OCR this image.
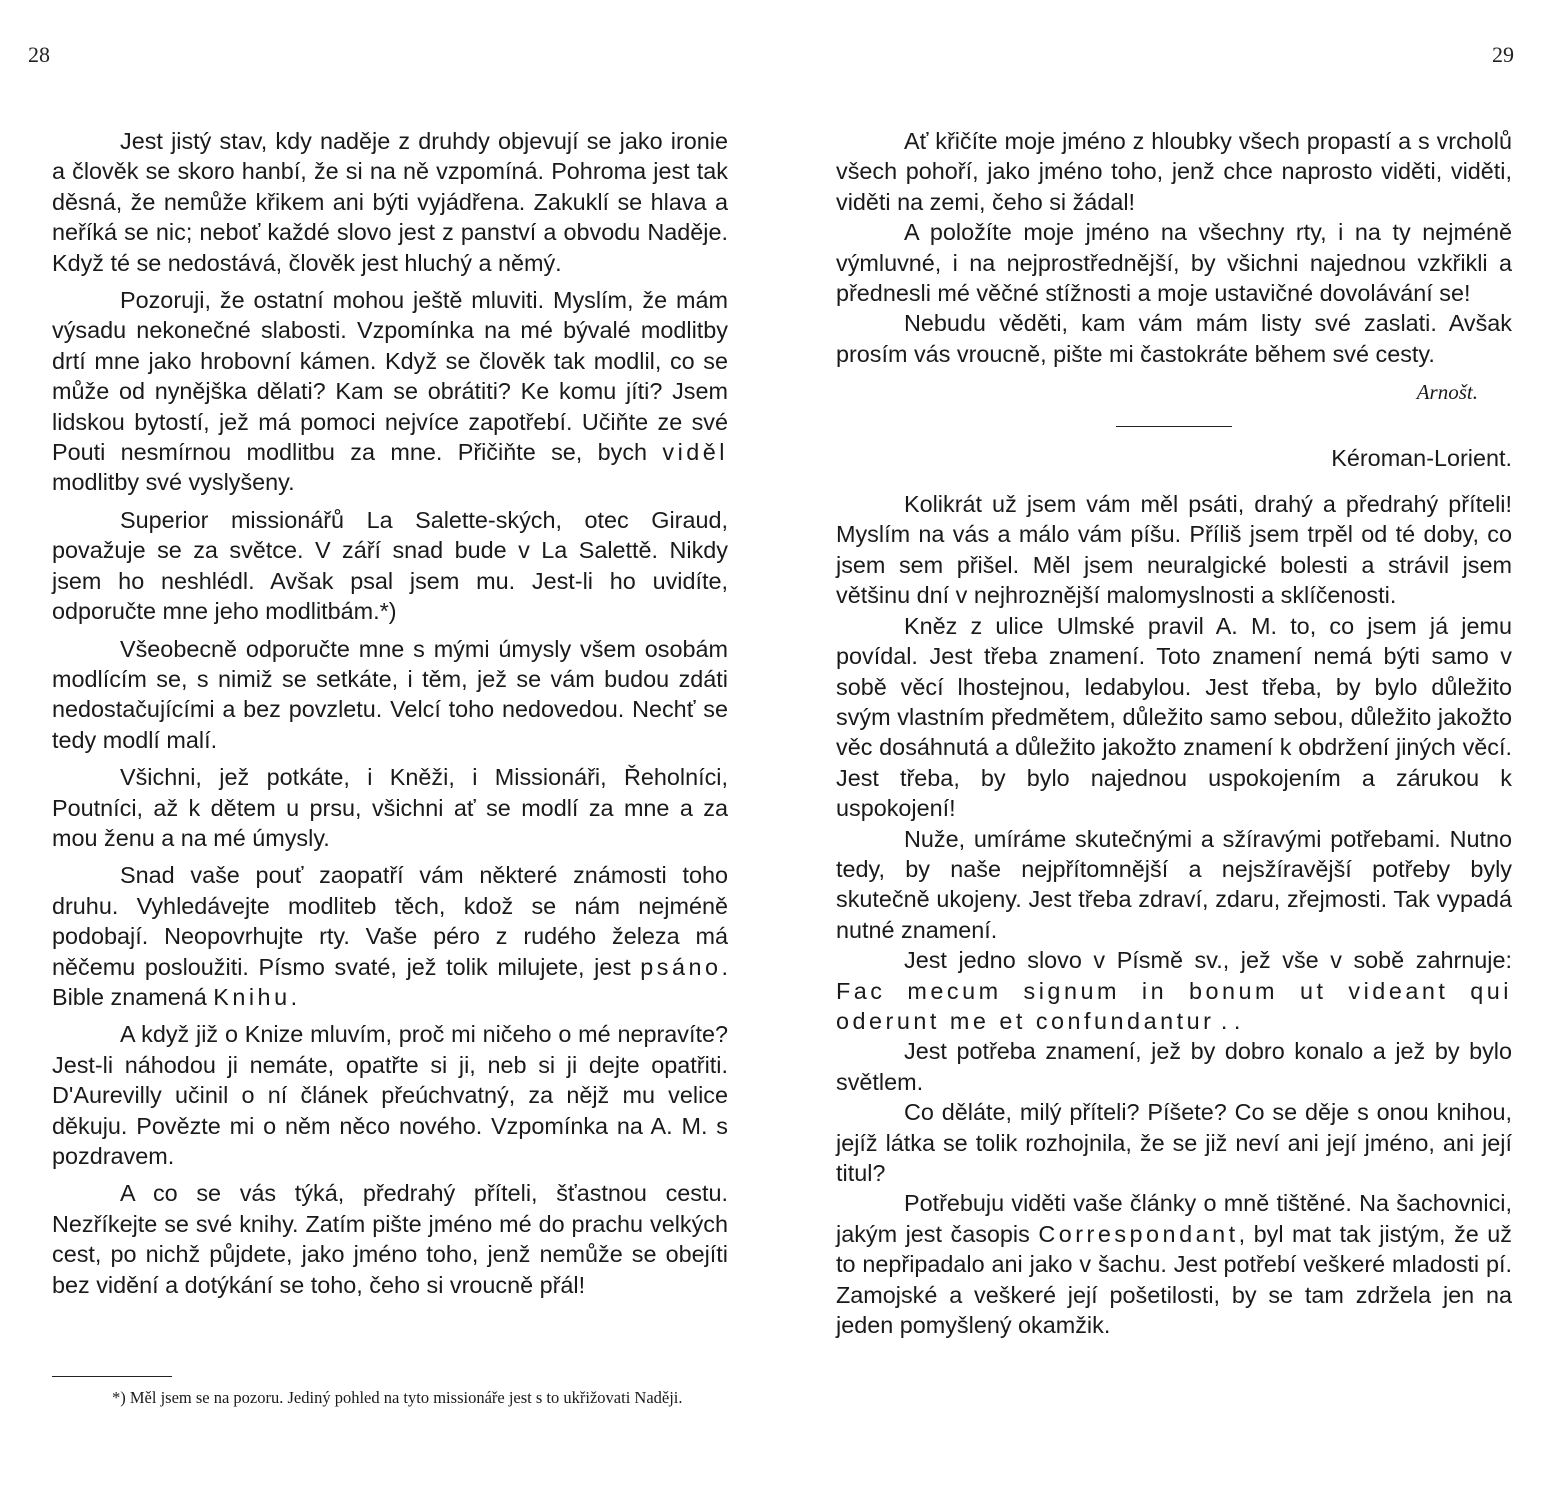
28

Jest jistý stav, kdy naděje z druhdy objevují se jako ironie a člověk se skoro hanbí, že si na ně vzpomíná. Pohroma jest tak děsná, že nemůže křikem ani býti vyjádřena. Zakuklí se hlava a neříká se nic; neboť každé slovo jest z panství a obvodu Naděje. Když té se nedostává, člověk jest hluchý a němý.

Pozoruji, že ostatní mohou ještě mluviti. Myslím, že mám výsadu nekonečné slabosti. Vzpomínka na mé bývalé modlitby drtí mne jako hrobovní kámen. Když se člověk tak modlil, co se může od nynějška dělati? Kam se obrátiti? Ke komu jíti? Jsem lidskou bytostí, jež má pomoci nejvíce zapotřebí. Učiňte ze své Pouti nesmírnou modlitbu za mne. Přičiňte se, bych viděl modlitby své vyslyšeny.

Superior missionářů La Salette-ských, otec Giraud, považuje se za světce. V září snad bude v La Salettě. Nikdy jsem ho neshlédl. Avšak psal jsem mu. Jest-li ho uvidíte, odporučte mne jeho modlitbám.*)

Všeobecně odporučte mne s mými úmysly všem osobám modlícím se, s nimiž se setkáte, i těm, jež se vám budou zdáti nedostačujícími a bez povzletu. Velcí toho nedovedou. Nechť se tedy modlí malí.

Všichni, jež potkáte, i Kněži, i Missionáři, Řeholníci, Poutníci, až k dětem u prsu, všichni ať se modlí za mne a za mou ženu a na mé úmysly.

Snad vaše pouť zaopatří vám některé známosti toho druhu. Vyhledávejte modliteb těch, kdož se nám nejméně podobají. Neopovrhujte rty. Vaše péro z rudého železa má něčemu posloužiti. Písmo svaté, jež tolik milujete, jest psáno. Bible znamená Knihu.

A když již o Knize mluvím, proč mi ničeho o mé nepravíte? Jest-li náhodou ji nemáte, opatřte si ji, neb si ji dejte opatřiti. D'Aurevilly učinil o ní článek přeúchvatný, za nějž mu velice děkuju. Povězte mi o něm něco nového. Vzpomínka na A. M. s pozdravem.

A co se vás týká, předrahý příteli, šťastnou cestu. Nezříkejte se své knihy. Zatím pište jméno mé do prachu velkých cest, po nichž půjdete, jako jméno toho, jenž nemůže se obejíti bez vidění a dotýkání se toho, čeho si vroucně přál!

*) Měl jsem se na pozoru. Jediný pohled na tyto missionáře jest s to ukřižovati Naději.
29

Ať křičíte moje jméno z hloubky všech propastí a s vrcholů všech pohoří, jako jméno toho, jenž chce naprosto viděti, viděti, viděti na zemi, čeho si žádal!

A položíte moje jméno na všechny rty, i na ty nejméně výmluvné, i na nejprostřednější, by všichni najednou vzkřikli a přednesli mé věčné stížnosti a moje ustavičné dovolávání se!

Nebudu věděti, kam vám mám listy své zaslati. Avšak prosím vás vroucně, pište mi častokráte během své cesty.

Arnošt.

Kéroman-Lorient.

Kolikrát už jsem vám měl psáti, drahý a předrahý příteli! Myslím na vás a málo vám píšu. Příliš jsem trpěl od té doby, co jsem sem přišel. Měl jsem neuralgické bolesti a strávil jsem většinu dní v nejhroznější malomyslnosti a sklíčenosti.

Kněz z ulice Ulmské pravil A. M. to, co jsem já jemu povídal. Jest třeba znamení. Toto znamení nemá býti samo v sobě věcí lhostejnou, ledabylou. Jest třeba, by bylo důležito svým vlastním předmětem, důležito samo sebou, důležito jakožto věc dosáhnutá a důležito jakožto znamení k obdržení jiných věcí. Jest třeba, by bylo najednou uspokojením a zárukou k uspokojení!

Nuže, umíráme skutečnými a sžíravými potřebami. Nutno tedy, by naše nejpřítomnější a nejsžíravější potřeby byly skutečně ukojeny. Jest třeba zdraví, zdaru, zřejmosti. Tak vypadá nutné znamení.

Jest jedno slovo v Písmě sv., jež vše v sobě zahrnuje: Fac mecum signum in bonum ut videant qui oderunt me et confundantur . .

Jest potřeba znamení, jež by dobro konalo a jež by bylo světlem.

Co děláte, milý příteli? Píšete? Co se děje s onou knihou, jejíž látka se tolik rozhojnila, že se již neví ani její jméno, ani její titul?

Potřebuju viděti vaše články o mně tištěné. Na šachovnici, jakým jest časopis Correspondant, byl mat tak jistým, že už to nepřipadalo ani jako v šachu. Jest potřebí veškeré mladosti pí. Zamojské a veškeré její pošetilosti, by se tam zdržela jen na jeden pomyšlený okamžik.
